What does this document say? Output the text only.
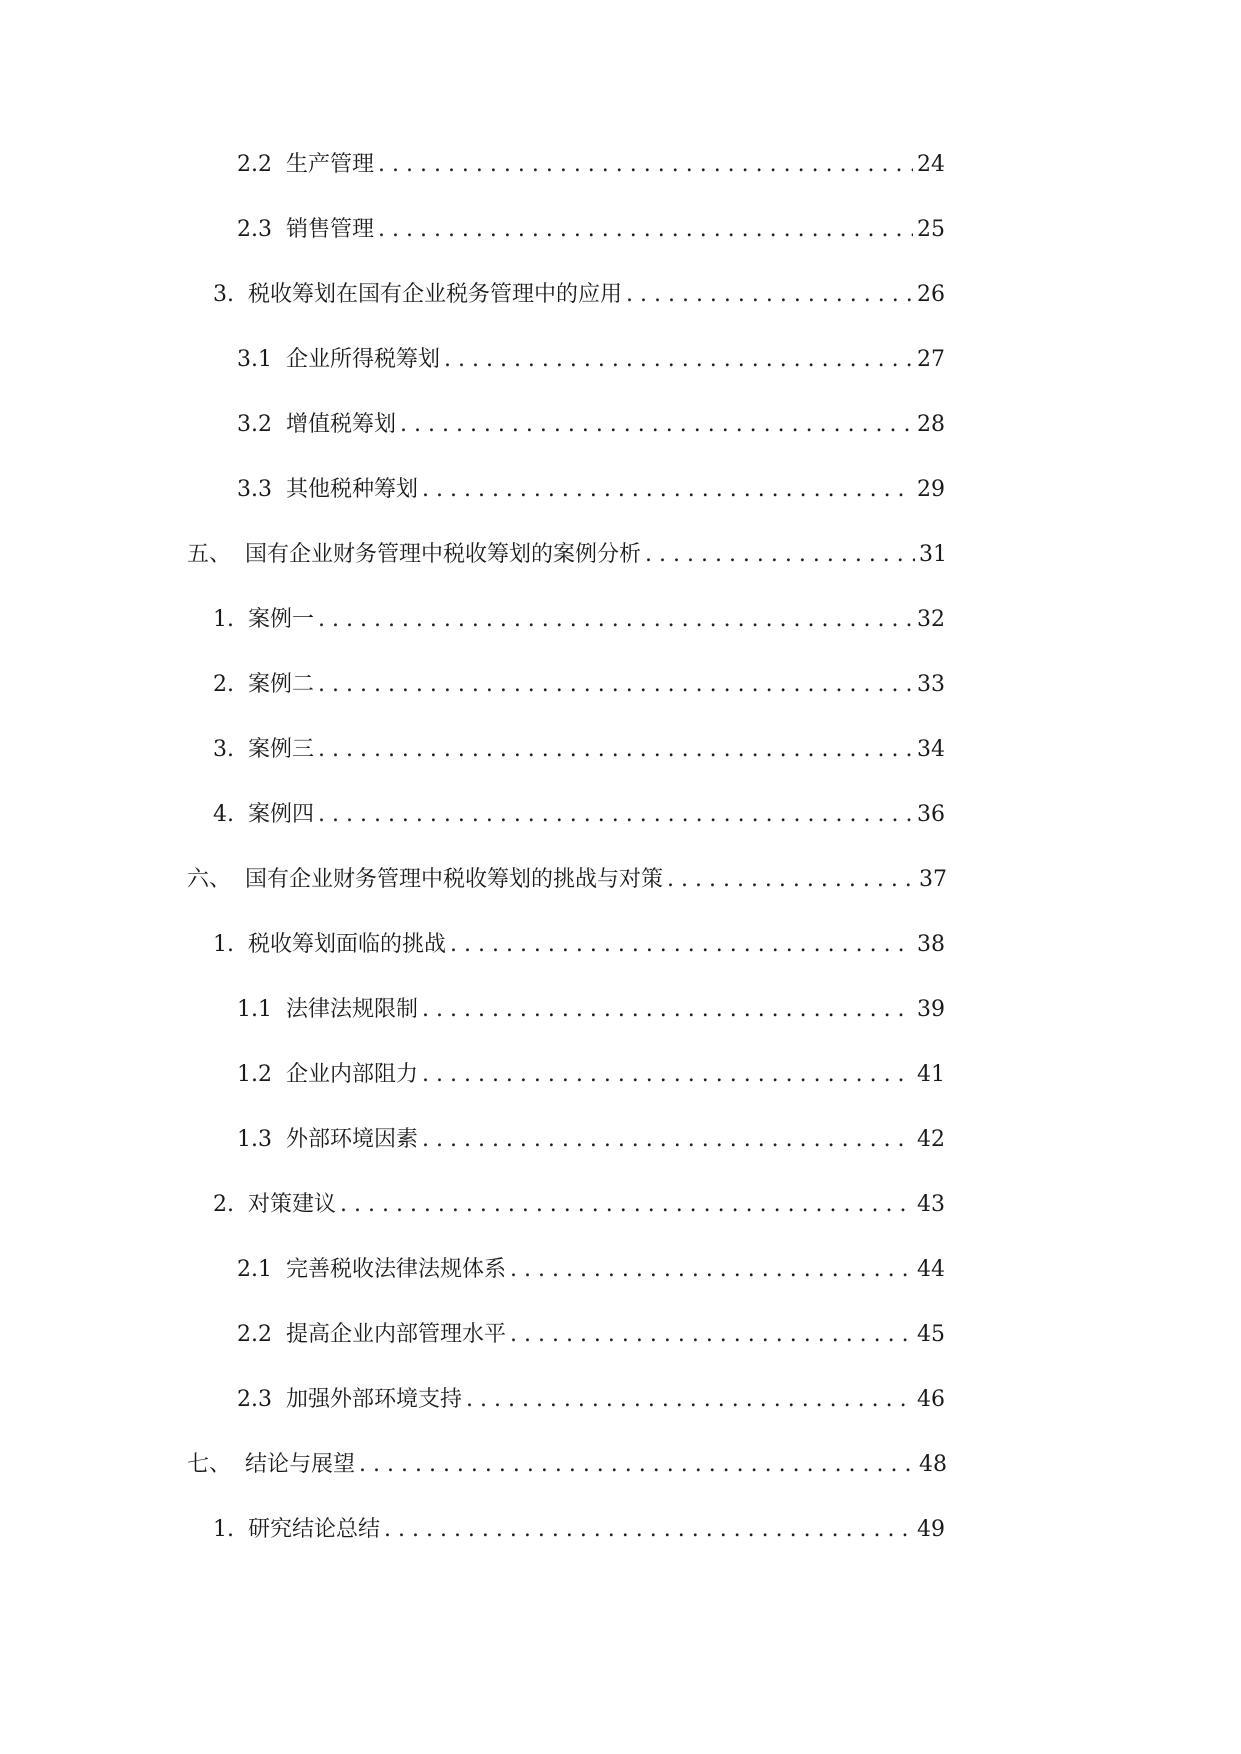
2.2 生产管理 . . .	24
2.3 销售管理 . . .	25
3. 税收筹划在国有企业税务管理中的应用 . . .	26
3.1 企业所得税筹划 . . .	27
3.2 增值税筹划 . . .	28
3.3 其他税种筹划 . . .	29
五、 国有企业财务管理中税收筹划的案例分析 . . .	31
1. 案例一 . . .	32
2. 案例二 . . .	33
3. 案例三 . . .	34
4. 案例四 . . .	36
六、 国有企业财务管理中税收筹划的挑战与对策 . . .	37
1. 税收筹划面临的挑战 . . .	38
1.1 法律法规限制 . . .	39
1.2 企业内部阻力 . . .	41
1.3 外部环境因素 . . .	42
2. 对策建议 . . .	43
2.1 完善税收法律法规体系 . . .	44
2.2 提高企业内部管理水平 . . .	45
2.3 加强外部环境支持 . . .	46
七、 结论与展望 . . .	48
1. 研究结论总结 . . .	49
